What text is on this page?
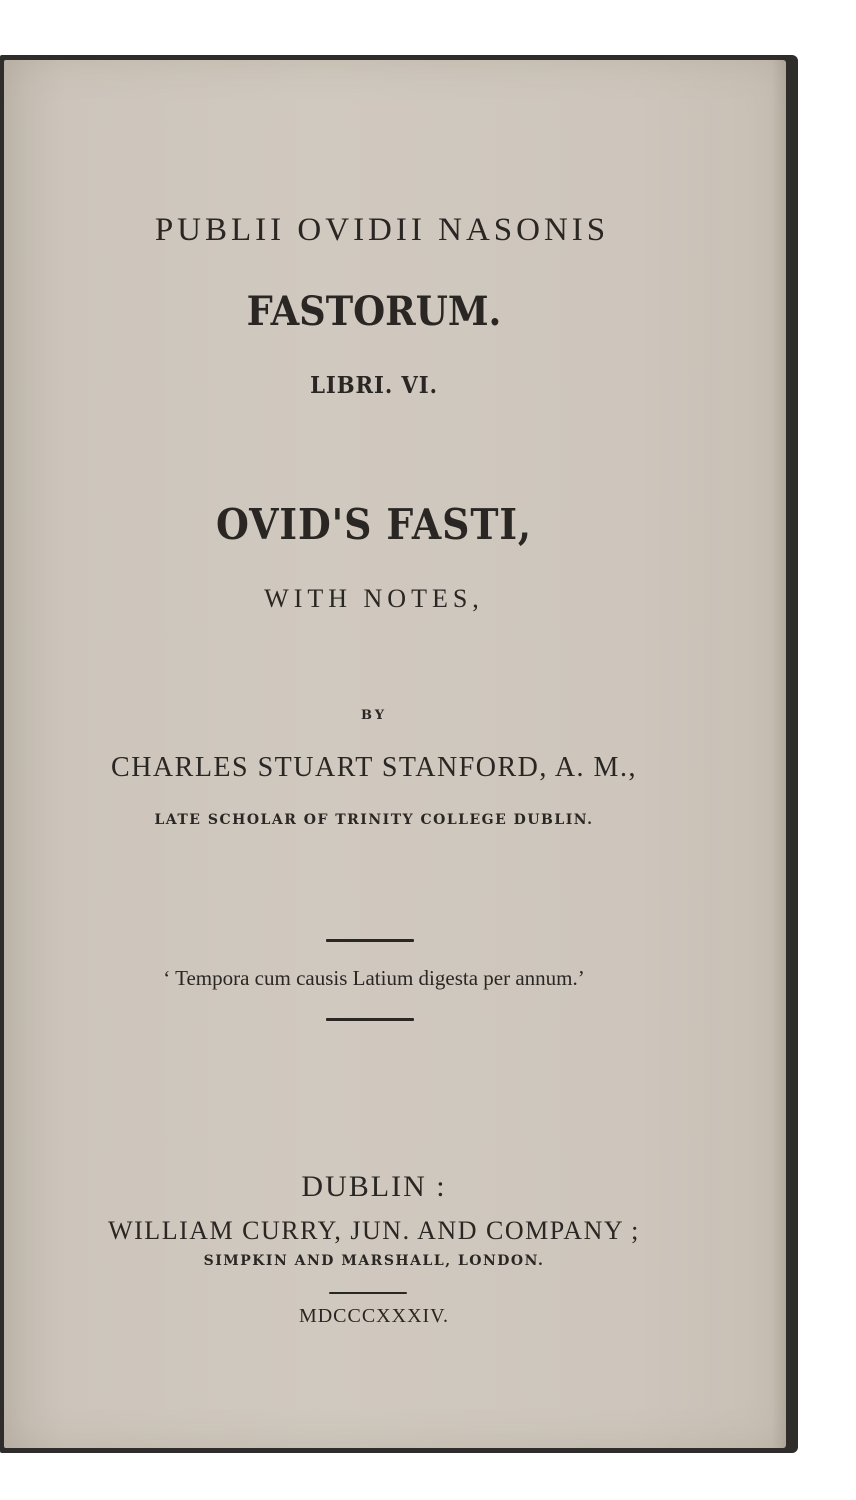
PUBLII OVIDII NASONIS
FASTORUM.
LIBRI. VI.
OVID'S FASTI,
WITH NOTES,
BY
CHARLES STUART STANFORD, A. M.,
LATE SCHOLAR OF TRINITY COLLEGE DUBLIN.
‘ Tempora cum causis Latium digesta per annum.’
DUBLIN :
WILLIAM CURRY, JUN. AND COMPANY ;
SIMPKIN AND MARSHALL, LONDON.
MDCCCXXXIV.
